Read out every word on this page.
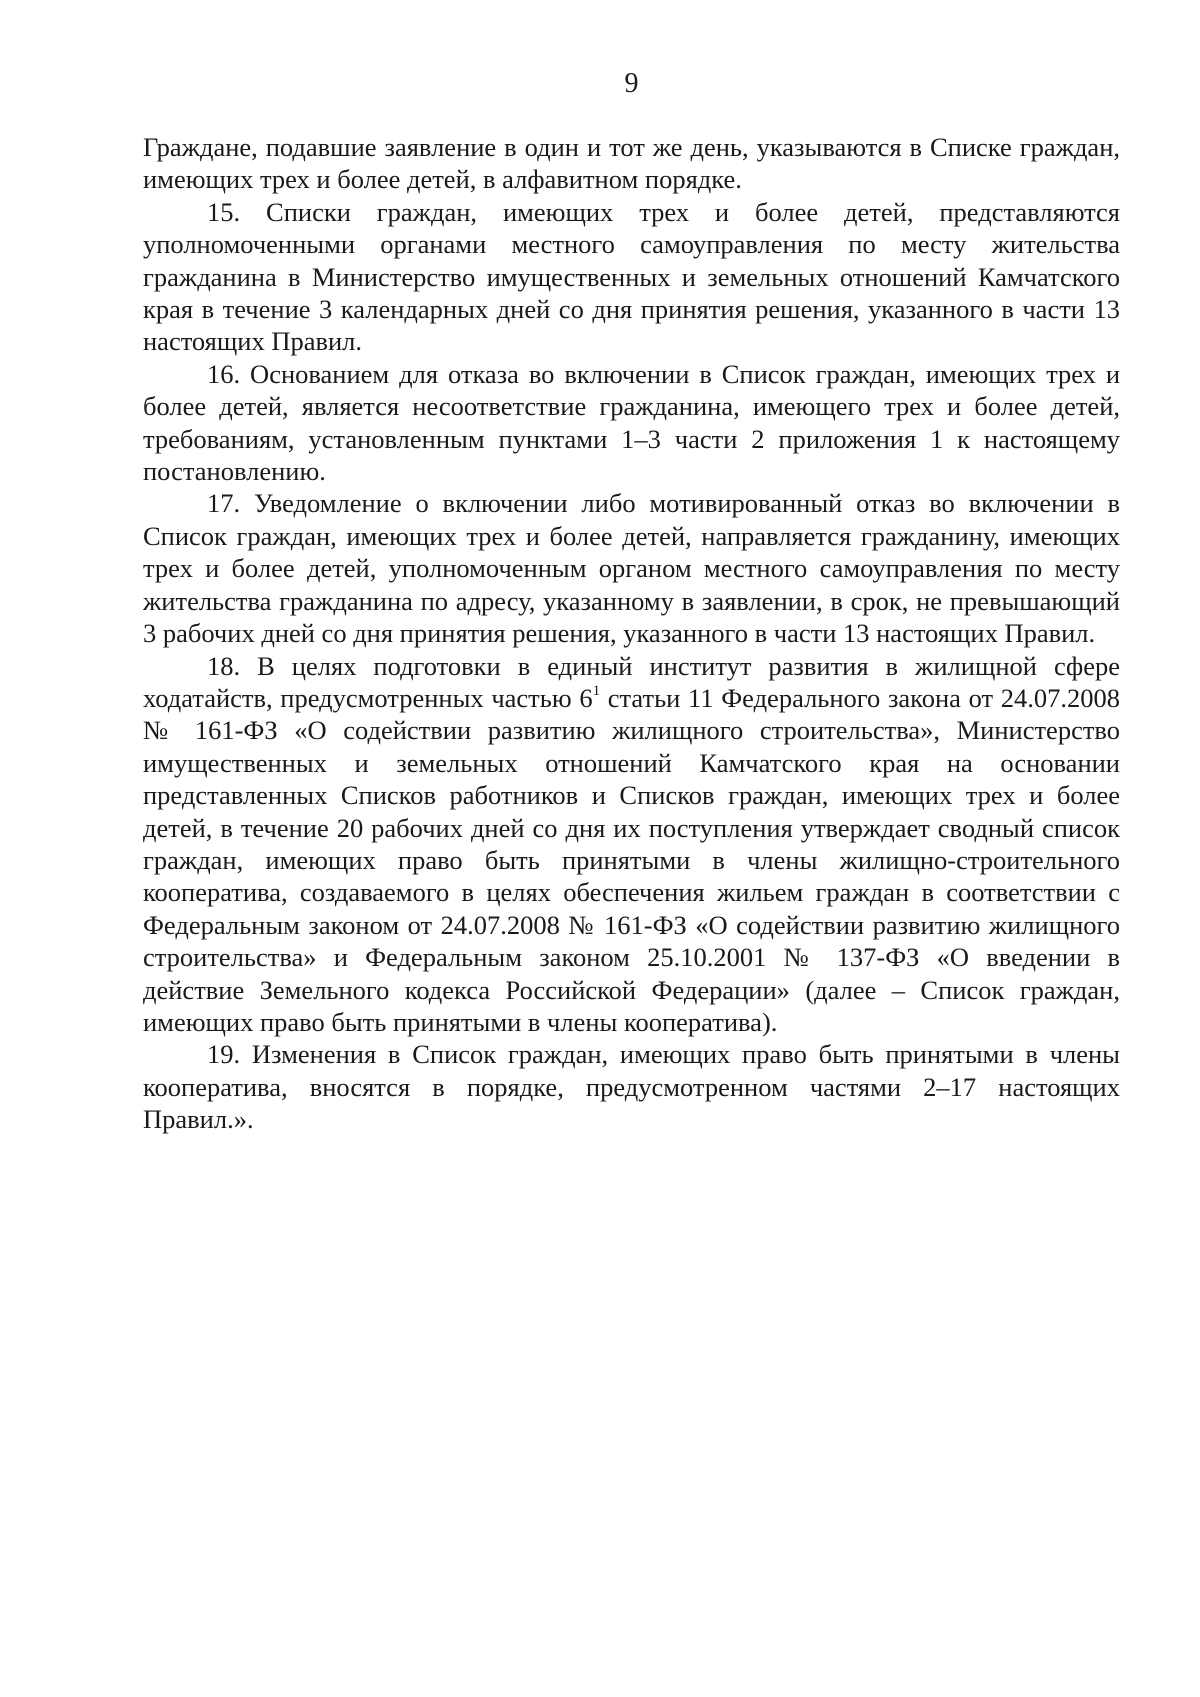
9

Граждане, подавшие заявление в один и тот же день, указываются в Списке граждан, имеющих трех и более детей, в алфавитном порядке.

15. Списки граждан, имеющих трех и более детей, представляются уполномоченными органами местного самоуправления по месту жительства гражданина в Министерство имущественных и земельных отношений Камчатского края в течение 3 календарных дней со дня принятия решения, указанного в части 13 настоящих Правил.

16. Основанием для отказа во включении в Список граждан, имеющих трех и более детей, является несоответствие гражданина, имеющего трех и более детей, требованиям, установленным пунктами 1–3 части 2 приложения 1 к настоящему постановлению.

17. Уведомление о включении либо мотивированный отказ во включении в Список граждан, имеющих трех и более детей, направляется гражданину, имеющих трех и более детей, уполномоченным органом местного самоуправления по месту жительства гражданина по адресу, указанному в заявлении, в срок, не превышающий 3 рабочих дней со дня принятия решения, указанного в части 13 настоящих Правил.

18. В целях подготовки в единый институт развития в жилищной сфере ходатайств, предусмотренных частью $6^1$ статьи 11 Федерального закона от 24.07.2008 № 161-ФЗ «О содействии развитию жилищного строительства», Министерство имущественных и земельных отношений Камчатского края на основании представленных Списков работников и Списков граждан, имеющих трех и более детей, в течение 20 рабочих дней со дня их поступления утверждает сводный список граждан, имеющих право быть принятыми в члены жилищно-строительного кооператива, создаваемого в целях обеспечения жильем граждан в соответствии с Федеральным законом от 24.07.2008 № 161-ФЗ «О содействии развитию жилищного строительства» и Федеральным законом 25.10.2001 № 137-ФЗ «О введении в действие Земельного кодекса Российской Федерации» (далее – Список граждан, имеющих право быть принятыми в члены кооператива).

19. Изменения в Список граждан, имеющих право быть принятыми в члены кооператива, вносятся в порядке, предусмотренном частями 2–17 настоящих Правил.».
